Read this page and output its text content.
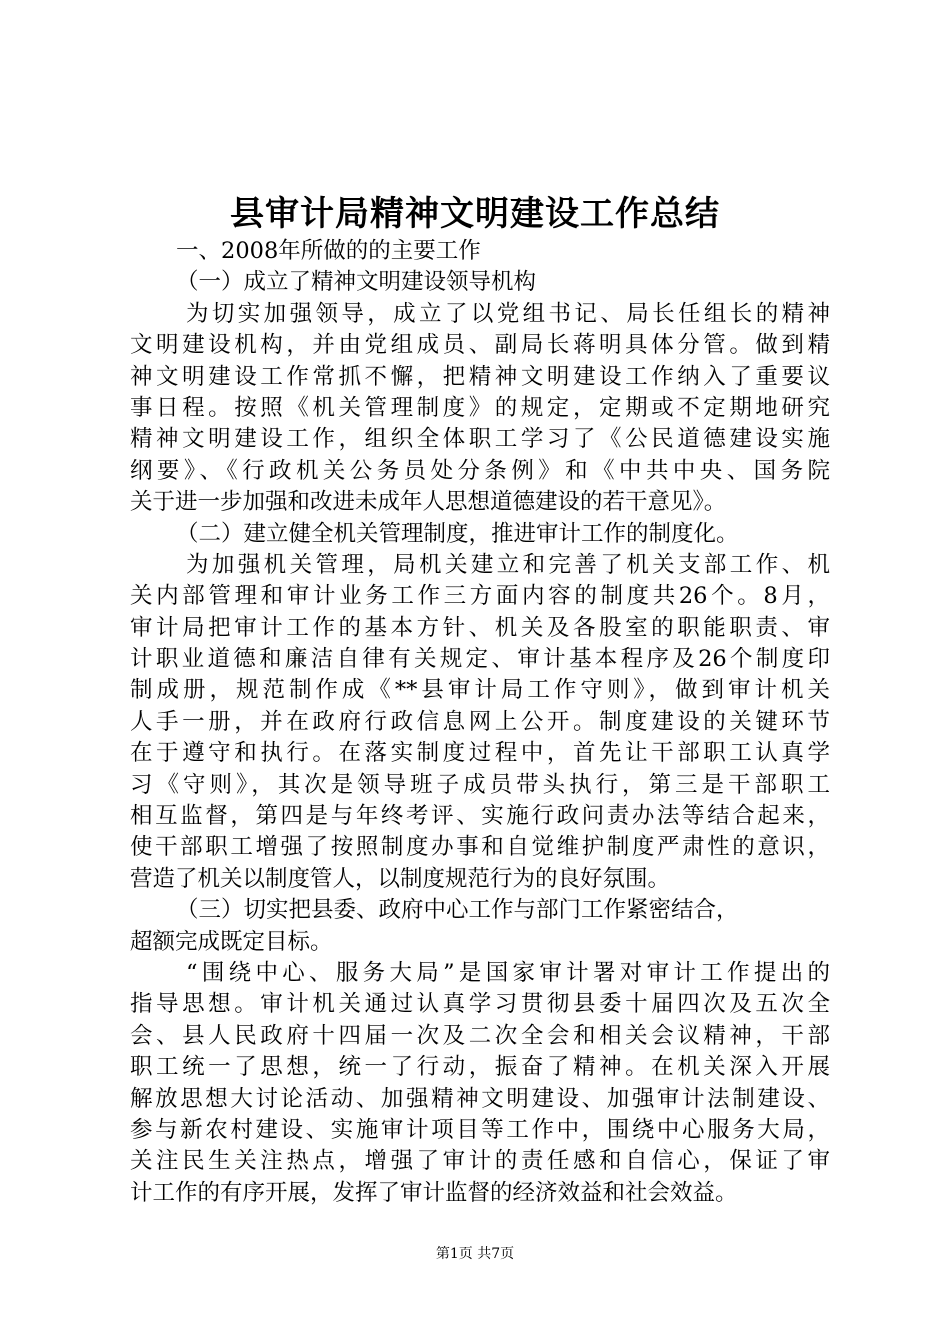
县审计局精神文明建设工作总结
一、2008年所做的的主要工作
（一）成立了精神文明建设领导机构
为切实加强领导，成立了以党组书记、局长任组长的精神
文明建设机构，并由党组成员、副局长蒋明具体分管。做到精
神文明建设工作常抓不懈，把精神文明建设工作纳入了重要议
事日程。按照《机关管理制度》的规定，定期或不定期地研究
精神文明建设工作，组织全体职工学习了《公民道德建设实施
纲要》、《行政机关公务员处分条例》和《中共中央、国务院
关于进一步加强和改进未成年人思想道德建设的若干意见》。
（二）建立健全机关管理制度，推进审计工作的制度化。
为加强机关管理，局机关建立和完善了机关支部工作、机
关内部管理和审计业务工作三方面内容的制度共26个。8月，
审计局把审计工作的基本方针、机关及各股室的职能职责、审
计职业道德和廉洁自律有关规定、审计基本程序及26个制度印
制成册，规范制作成《**县审计局工作守则》，做到审计机关
人手一册，并在政府行政信息网上公开。制度建设的关键环节
在于遵守和执行。在落实制度过程中，首先让干部职工认真学
习《守则》，其次是领导班子成员带头执行，第三是干部职工
相互监督，第四是与年终考评、实施行政问责办法等结合起来，
使干部职工增强了按照制度办事和自觉维护制度严肃性的意识，
营造了机关以制度管人，以制度规范行为的良好氛围。
（三）切实把县委、政府中心工作与部门工作紧密结合，
超额完成既定目标。
“围绕中心、服务大局”是国家审计署对审计工作提出的
指导思想。审计机关通过认真学习贯彻县委十届四次及五次全
会、县人民政府十四届一次及二次全会和相关会议精神，干部
职工统一了思想，统一了行动，振奋了精神。在机关深入开展
解放思想大讨论活动、加强精神文明建设、加强审计法制建设、
参与新农村建设、实施审计项目等工作中，围绕中心服务大局，
关注民生关注热点，增强了审计的责任感和自信心，保证了审
计工作的有序开展，发挥了审计监督的经济效益和社会效益。
第1页 共7页
